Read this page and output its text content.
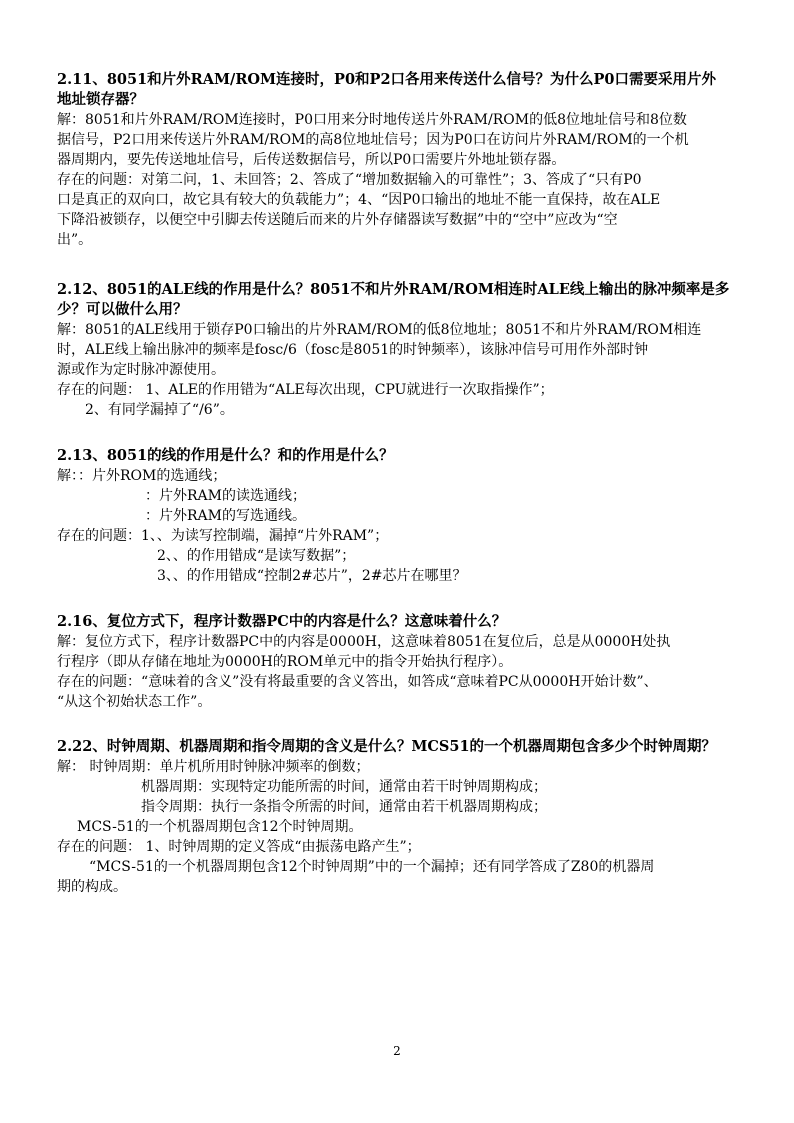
2.11、8051和片外RAM/ROM连接时，P0和P2口各用来传送什么信号？为什么P0口需要采用片外
地址锁存器？
解：8051和片外RAM/ROM连接时，P0口用来分时地传送片外RAM/ROM的低8位地址信号和8位数
据信号，P2口用来传送片外RAM/ROM的高8位地址信号；因为P0口在访问片外RAM/ROM的一个机
器周期内，要先传送地址信号，后传送数据信号，所以P0口需要片外地址锁存器。
存在的问题：对第二问，1、未回答；2、答成了“增加数据输入的可靠性”；3、答成了“只有P0
口是真正的双向口，故它具有较大的负载能力”；4、“因P0口输出的地址不能一直保持，故在ALE
下降沿被锁存，以便空中引脚去传送随后而来的片外存储器读写数据”中的“空中”应改为“空
出”。
2.12、8051的ALE线的作用是什么？8051不和片外RAM/ROM相连时ALE线上输出的脉冲频率是多
少？可以做什么用？
解：8051的ALE线用于锁存P0口输出的片外RAM/ROM的低8位地址；8051不和片外RAM/ROM相连
时，ALE线上输出脉冲的频率是fosc/6（fosc是8051的时钟频率），该脉冲信号可用作外部时钟
源或作为定时脉冲源使用。
存在的问题： 1、ALE的作用错为“ALE每次出现，CPU就进行一次取指操作”；
2、有同学漏掉了“/6”。
2.13、8051的线的作用是什么？和的作用是什么？
解：：片外ROM的选通线；
：片外RAM的读选通线；
：片外RAM的写选通线。
存在的问题：1、、为读写控制端，漏掉“片外RAM”；
2、、的作用错成“是读写数据”；
3、、的作用错成“控制2#芯片”，2#芯片在哪里？
2.16、复位方式下，程序计数器PC中的内容是什么？这意味着什么？
解：复位方式下，程序计数器PC中的内容是0000H，这意味着8051在复位后，总是从0000H处执
行程序（即从存储在地址为0000H的ROM单元中的指令开始执行程序）。
存在的问题：“意味着的含义”没有将最重要的含义答出，如答成“意味着PC从0000H开始计数”、
“从这个初始状态工作”。
2.22、时钟周期、机器周期和指令周期的含义是什么？MCS51的一个机器周期包含多少个时钟周期？
解： 时钟周期：单片机所用时钟脉冲频率的倒数；
机器周期：实现特定功能所需的时间，通常由若干时钟周期构成；
指令周期：执行一条指令所需的时间，通常由若干机器周期构成；
MCS-51的一个机器周期包含12个时钟周期。
存在的问题： 1、时钟周期的定义答成“由振荡电路产生”；
“MCS-51的一个机器周期包含12个时钟周期”中的一个漏掉；还有同学答成了Z80的机器周
期的构成。
2
